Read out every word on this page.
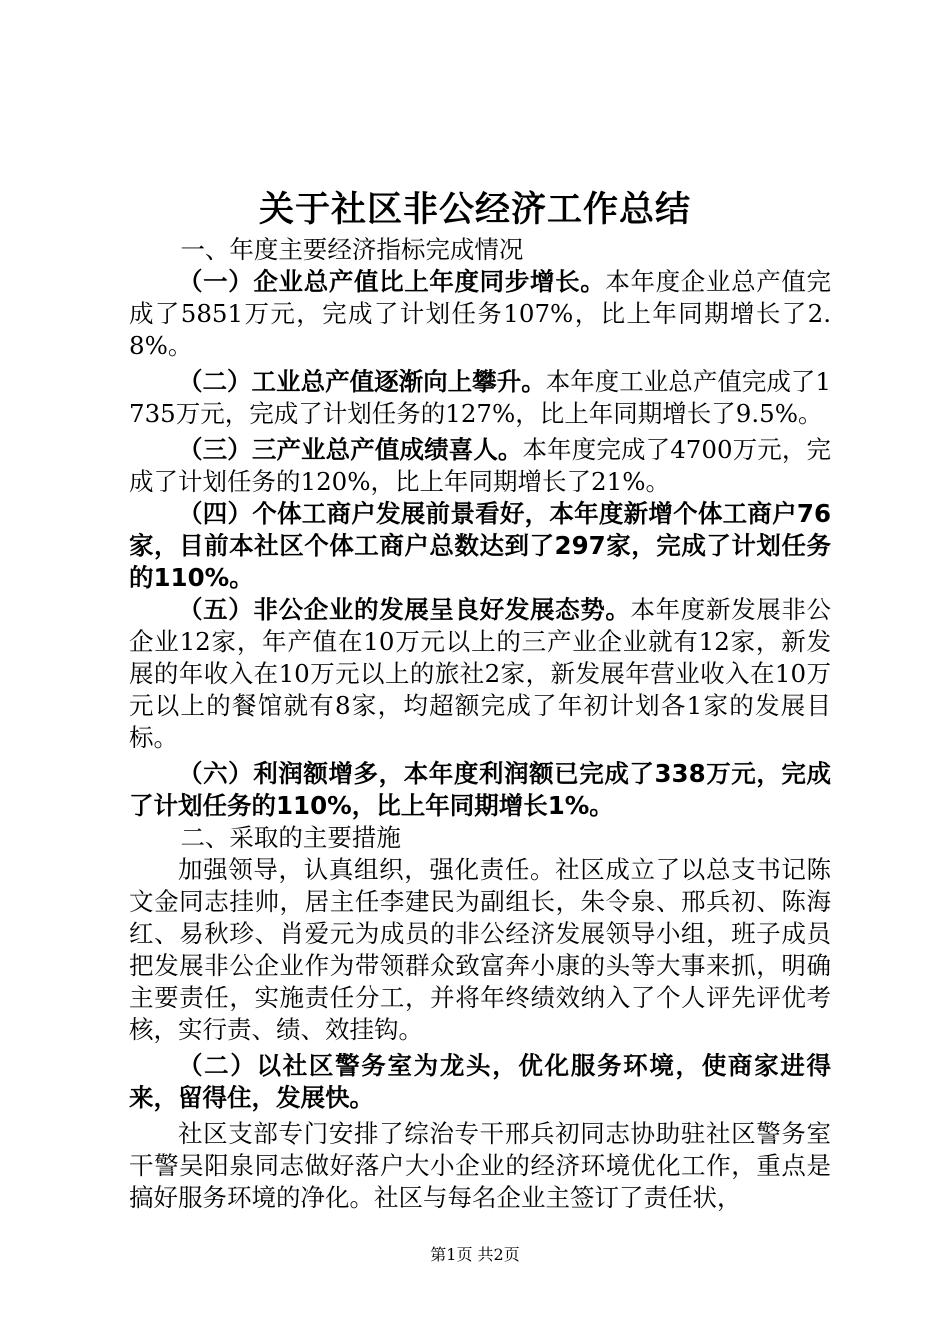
关于社区非公经济工作总结

一、年度主要经济指标完成情况

（一）企业总产值比上年度同步增长。本年度企业总产值完成了5851万元，完成了计划任务107%，比上年同期增长了2.8%。

（二）工业总产值逐渐向上攀升。本年度工业总产值完成了1735万元，完成了计划任务的127%，比上年同期增长了9.5%。

（三）三产业总产值成绩喜人。本年度完成了4700万元，完成了计划任务的120%，比上年同期增长了21%。

（四）个体工商户发展前景看好，本年度新增个体工商户76家，目前本社区个体工商户总数达到了297家，完成了计划任务的110%。

（五）非公企业的发展呈良好发展态势。本年度新发展非公企业12家，年产值在10万元以上的三产业企业就有12家，新发展的年收入在10万元以上的旅社2家，新发展年营业收入在10万元以上的餐馆就有8家，均超额完成了年初计划各1家的发展目标。

（六）利润额增多，本年度利润额已完成了338万元，完成了计划任务的110%，比上年同期增长1%。

二、采取的主要措施

加强领导，认真组织，强化责任。社区成立了以总支书记陈文金同志挂帅，居主任李建民为副组长，朱令泉、邢兵初、陈海红、易秋珍、肖爱元为成员的非公经济发展领导小组，班子成员把发展非公企业作为带领群众致富奔小康的头等大事来抓，明确主要责任，实施责任分工，并将年终绩效纳入了个人评先评优考核，实行责、绩、效挂钩。

（二）以社区警务室为龙头，优化服务环境，使商家进得来，留得住，发展快。

社区支部专门安排了综治专干邢兵初同志协助驻社区警务室干警吴阳泉同志做好落户大小企业的经济环境优化工作，重点是搞好服务环境的净化。社区与每名企业主签订了责任状，

第1页 共2页
